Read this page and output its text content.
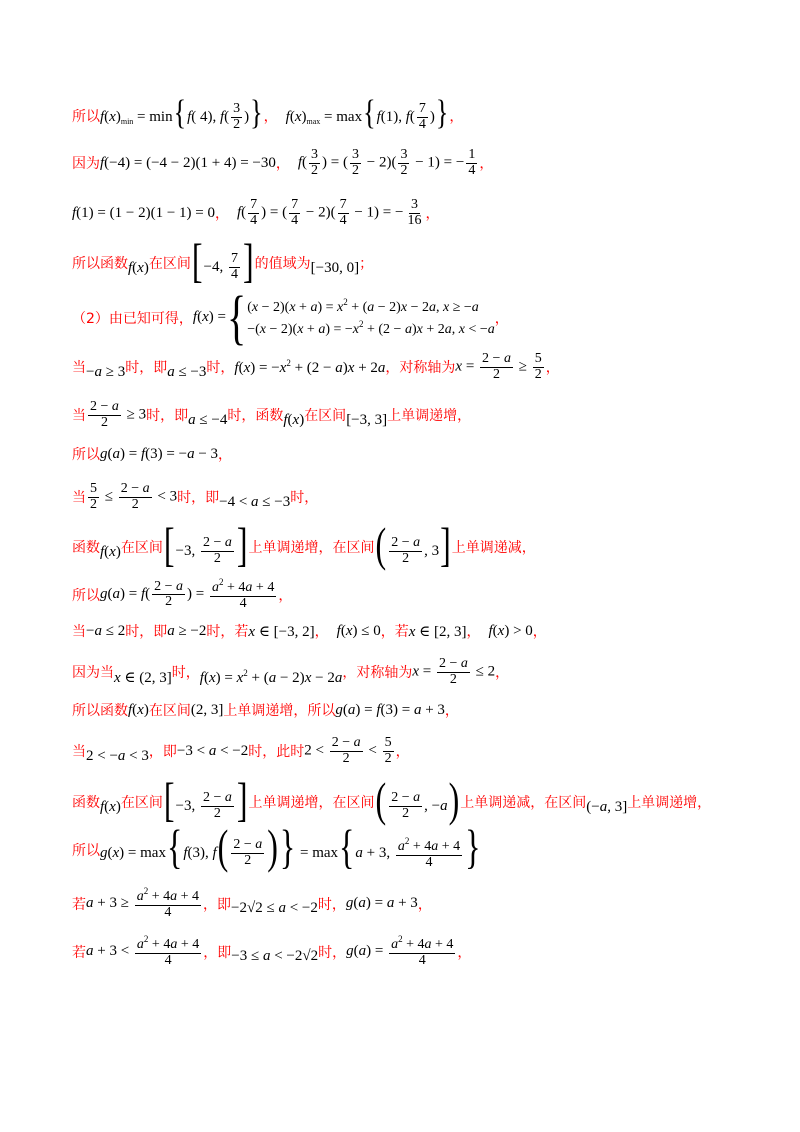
所以 $f(x)_{min} = \min\{f$( 4), $f( \frac{3}{2}$ )} ， $f(x)_{max} = \max\{f(1)$, $f( \frac{7}{4}$ )} ，
因为 f(−4) = (−4 − 2)(1 + 4) = −30 ， $f( \frac{3}{2}$ ) = ( $\frac{3}{2} - 2)( \frac{3}{2} - 1)$ = − $\frac{1}{4}$ ，
f(1) = (1 − 2)(1 − 1) = 0 ， $f( \frac{7}{4}$ ) = ( $\frac{7}{4} - 2)( \frac{7}{4} - 1)$ = − $\frac{3}{16}$ ，
所以函数 f(x) 在区间 [−4, $\frac{7}{4}$ ] 的值域为 [−30, 0] ；
（2）由已知可得， f(x) = { $(x - 2)(x + a) = x^2 + (a - 2)x - 2a$, x ≥ −a
$-(x - 2)(x + a) = -x^2 + (2 - a)x + 2a$, x < −a
，
当 −a ≥ 3 时，即 a ≤ −3 时， $f(x) = -x^2 + (2 - a)x + 2a$ ，对称轴为 $x = \frac{2 - a}{2} \ge \frac{5}{2}$ ，
当 $\frac{2 - a}{2} \ge 3$ 时，即 a ≤ −4 时，函数 f(x) 在区间 [−3, 3] 上单调递增，
所以 g(a) = f(3) = −a − 3 ，
当 $\frac{5}{2} \le \frac{2 - a}{2} < 3$ 时，即 −4 < a ≤ −3 时，
函数 f(x) 在区间 [−3, $\frac{2 - a}{2}$ ] 上单调递增，在区间 ( $\frac{2 - a}{2}$ , 3] 上单调递减，
所以 $g(a) = f( \frac{2 - a}{2}$ ) = $\frac{a^2 + 4a + 4}{4}$ ，
当 −a ≤ 2 时，即 a ≥ −2 时，若 x ∈ [−3, 2] ， f(x) ≤ 0 ，若 x ∈ [2, 3] ， f(x) > 0 ，
因为当 x ∈ (2, 3] 时， $f(x) = x^2 + (a - 2)x - 2a$ ，对称轴为 $x = \frac{2 - a}{2} \le 2$ ，
所以函数 f(x) 在区间 (2, 3] 上单调递增，所以 g(a) = f(3) = a + 3 ，
当 2 < −a < 3 ，即 −3 < a < −2 时，此时 $2 < \frac{2 - a}{2} < \frac{5}{2}$ ，
函数 f(x) 在区间 [−3, $\frac{2 - a}{2}$ ] 上单调递增，在区间 ( $\frac{2 - a}{2}$ , −a) 上单调递减，在区间 (−a, 3] 上单调递增，
所以 g(x) = max{f(3), $f( \frac{2 - a}{2}$ )} = max{a + 3, $\frac{a^2 + 4a + 4}{4}$ }
若 $a + 3 \ge \frac{a^2 + 4a + 4}{4}$ ，即 −2√2 ≤ a < −2 时， g(a) = a + 3 ，
若 $a + 3 < \frac{a^2 + 4a + 4}{4}$ ，即 −3 ≤ a < −2√2 时， $g(a) = \frac{a^2 + 4a + 4}{4}$ ，
